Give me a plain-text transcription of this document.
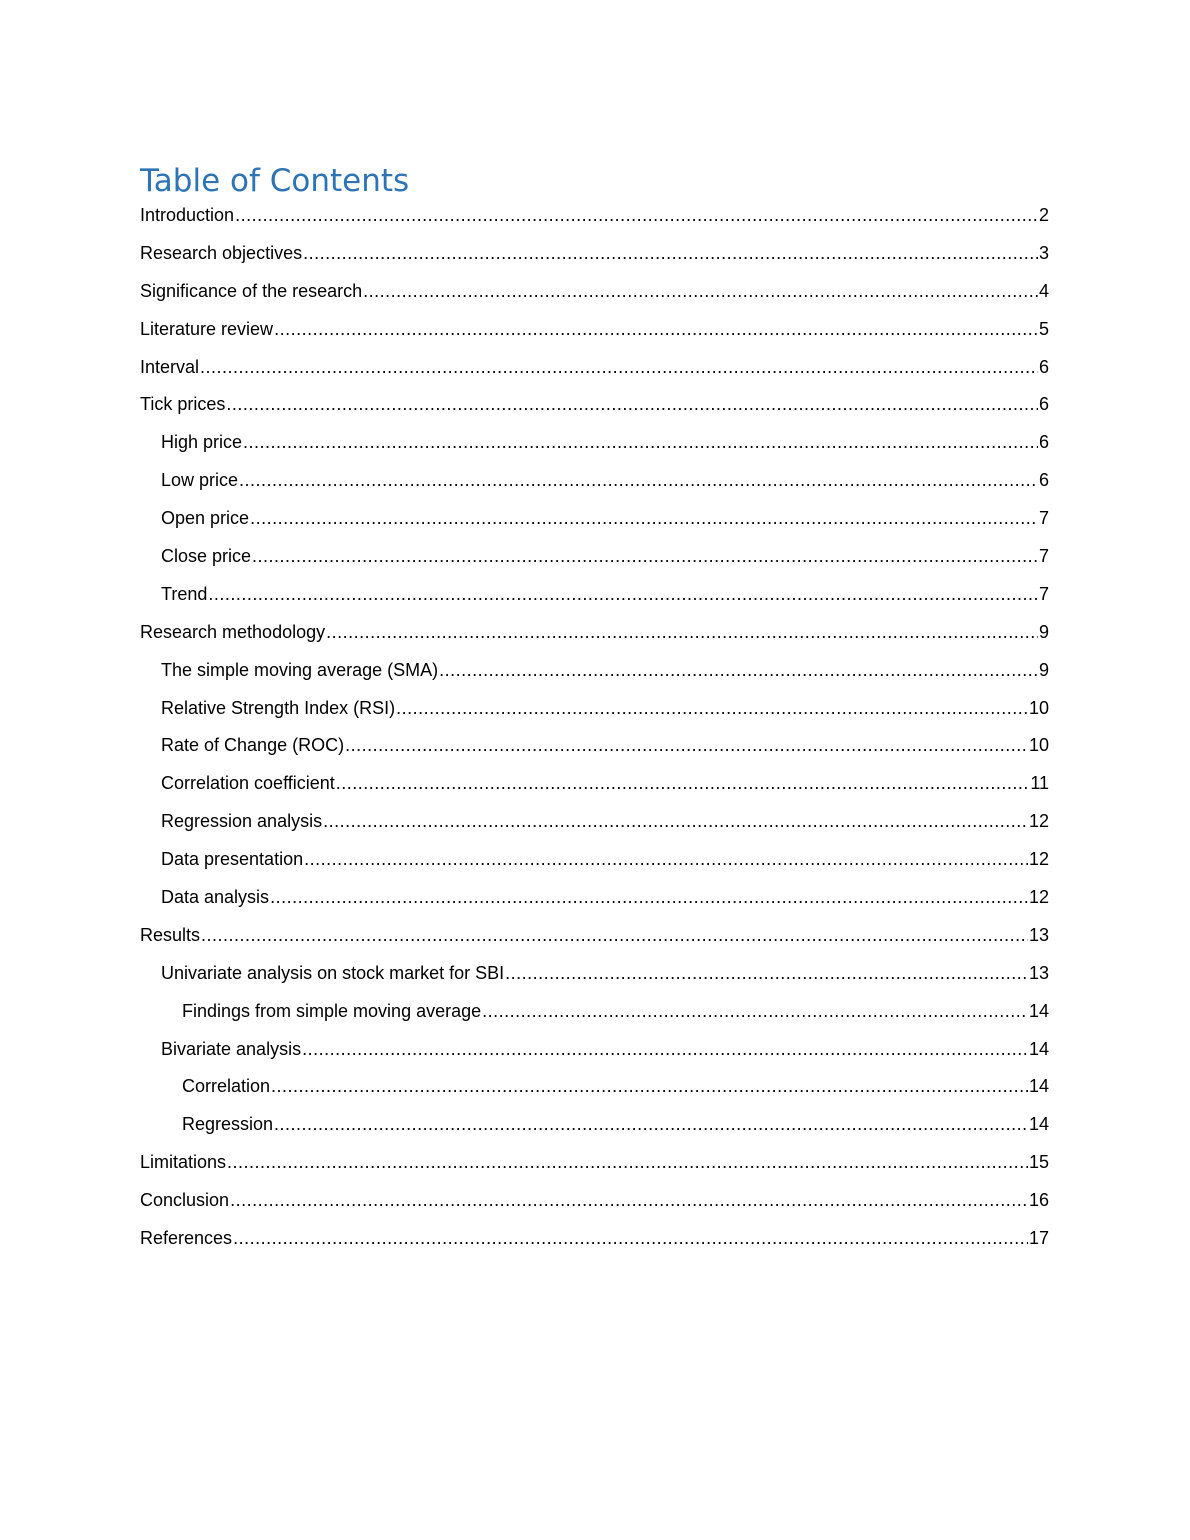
Table of Contents
Introduction .....	2
Research objectives .....	3
Significance of the research .....	4
Literature review .....	5
Interval .....	6
Tick prices .....	6
High price .....	6
Low price .....	6
Open price .....	7
Close price .....	7
Trend .....	7
Research methodology .....	9
The simple moving average (SMA) .....	9
Relative Strength Index (RSI) .....	10
Rate of Change (ROC) .....	10
Correlation coefficient .....	11
Regression analysis .....	12
Data presentation .....	12
Data analysis .....	12
Results .....	13
Univariate analysis on stock market for SBI .....	13
Findings from simple moving average .....	14
Bivariate analysis .....	14
Correlation .....	14
Regression .....	14
Limitations .....	15
Conclusion .....	16
References .....	17
